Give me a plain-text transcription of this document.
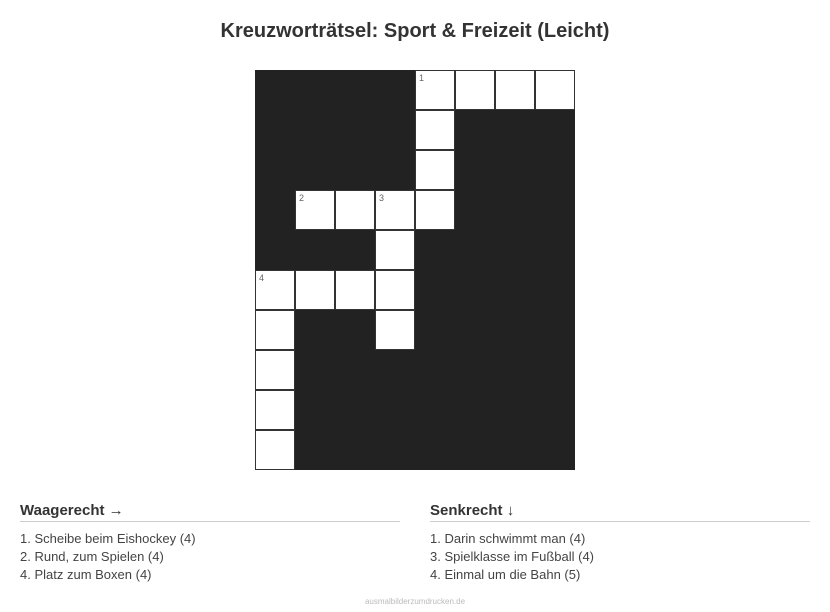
Kreuzworträtsel: Sport & Freizeit (Leicht)
1
2	3
4
Waagerecht →
1. Scheibe beim Eishockey (4)
2. Rund, zum Spielen (4)
4. Platz zum Boxen (4)
Senkrecht ↓
1. Darin schwimmt man (4)
3. Spielklasse im Fußball (4)
4. Einmal um die Bahn (5)
ausmalbilderzumdrucken.de
